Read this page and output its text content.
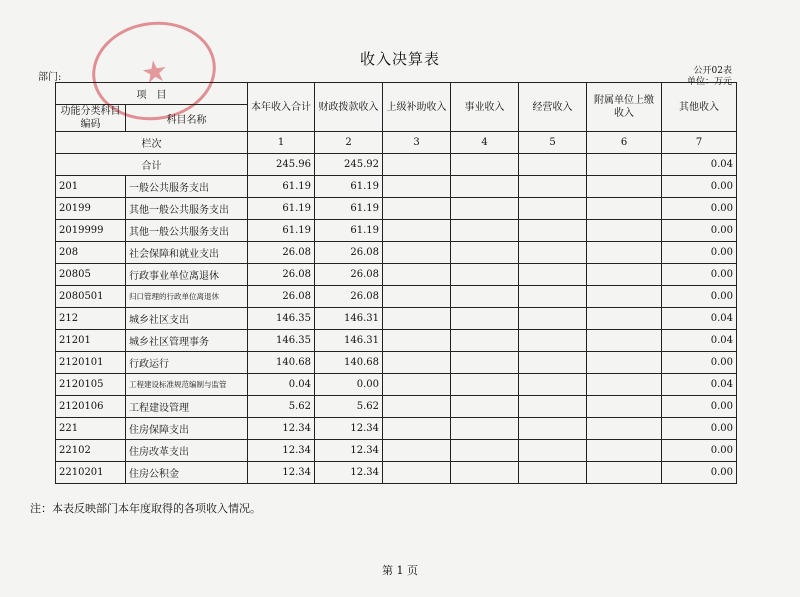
★	收入决算表
部门:
公开02表
单位：万元
项　目		本年收入合计	财政拨款收入	上级补助收入	事业收入	经营收入	附属单位上缴收入	其他收入
功能分类科目编码	科目名称							
栏次		1	2	3	4	5	6	7
合计		245.96	245.92					0.04
201	一般公共服务支出	61.19	61.19					0.00
20199	其他一般公共服务支出	61.19	61.19					0.00
2019999	其他一般公共服务支出	61.19	61.19					0.00
208	社会保障和就业支出	26.08	26.08					0.00
20805	行政事业单位离退休	26.08	26.08					0.00
2080501	归口管理的行政单位离退休	26.08	26.08					0.00
212	城乡社区支出	146.35	146.31					0.04
21201	城乡社区管理事务	146.35	146.31					0.04
2120101	行政运行	140.68	140.68					0.00
2120105	工程建设标准规范编制与监管	0.04	0.00					0.04
2120106	工程建设管理	5.62	5.62					0.00
221	住房保障支出	12.34	12.34					0.00
22102	住房改革支出	12.34	12.34					0.00
2210201	住房公积金	12.34	12.34					0.00
注：本表反映部门本年度取得的各项收入情况。
第 1 页
